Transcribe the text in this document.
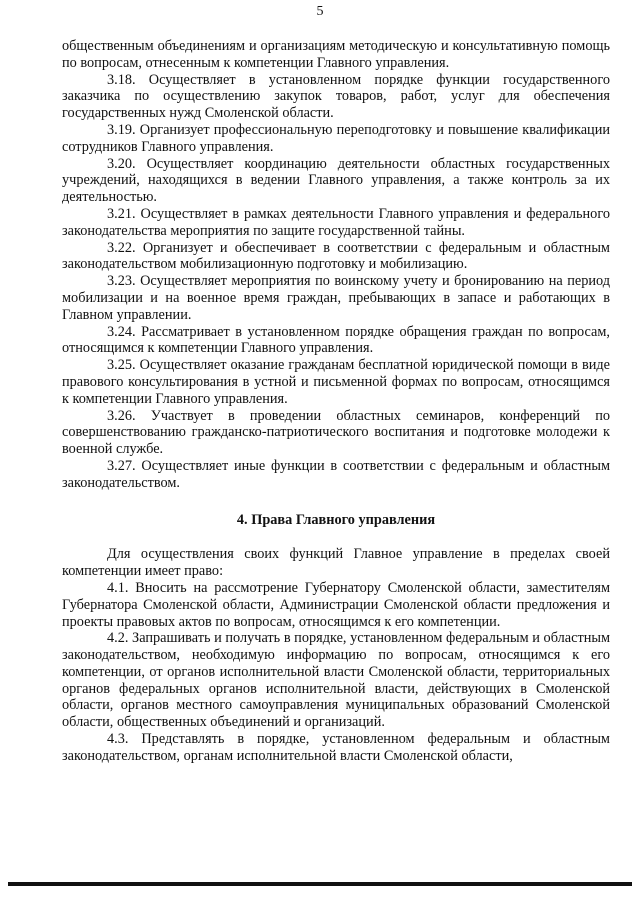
5

общественным объединениям и организациям методическую и консультативную помощь по вопросам, отнесенным к компетенции Главного управления.

3.18. Осуществляет в установленном порядке функции государственного заказчика по осуществлению закупок товаров, работ, услуг для обеспечения государственных нужд Смоленской области.

3.19. Организует профессиональную переподготовку и повышение квалификации сотрудников Главного управления.

3.20. Осуществляет координацию деятельности областных государственных учреждений, находящихся в ведении Главного управления, а также контроль за их деятельностью.

3.21. Осуществляет в рамках деятельности Главного управления и федерального законодательства мероприятия по защите государственной тайны.

3.22. Организует и обеспечивает в соответствии с федеральным и областным законодательством мобилизационную подготовку и мобилизацию.

3.23. Осуществляет мероприятия по воинскому учету и бронированию на период мобилизации и на военное время граждан, пребывающих в запасе и работающих в Главном управлении.

3.24. Рассматривает в установленном порядке обращения граждан по вопросам, относящимся к компетенции Главного управления.

3.25. Осуществляет оказание гражданам бесплатной юридической помощи в виде правового консультирования в устной и письменной формах по вопросам, относящимся к компетенции Главного управления.

3.26. Участвует в проведении областных семинаров, конференций по совершенствованию гражданско-патриотического воспитания и подготовке молодежи к военной службе.

3.27. Осуществляет иные функции в соответствии с федеральным и областным законодательством.

4. Права Главного управления

Для осуществления своих функций Главное управление в пределах своей компетенции имеет право:

4.1. Вносить на рассмотрение Губернатору Смоленской области, заместителям Губернатора Смоленской области, Администрации Смоленской области предложения и проекты правовых актов по вопросам, относящимся к его компетенции.

4.2. Запрашивать и получать в порядке, установленном федеральным и областным законодательством, необходимую информацию по вопросам, относящимся к его компетенции, от органов исполнительной власти Смоленской области, территориальных органов федеральных органов исполнительной власти, действующих в Смоленской области, органов местного самоуправления муниципальных образований Смоленской области, общественных объединений и организаций.

4.3. Представлять в порядке, установленном федеральным и областным законодательством, органам исполнительной власти Смоленской области,
